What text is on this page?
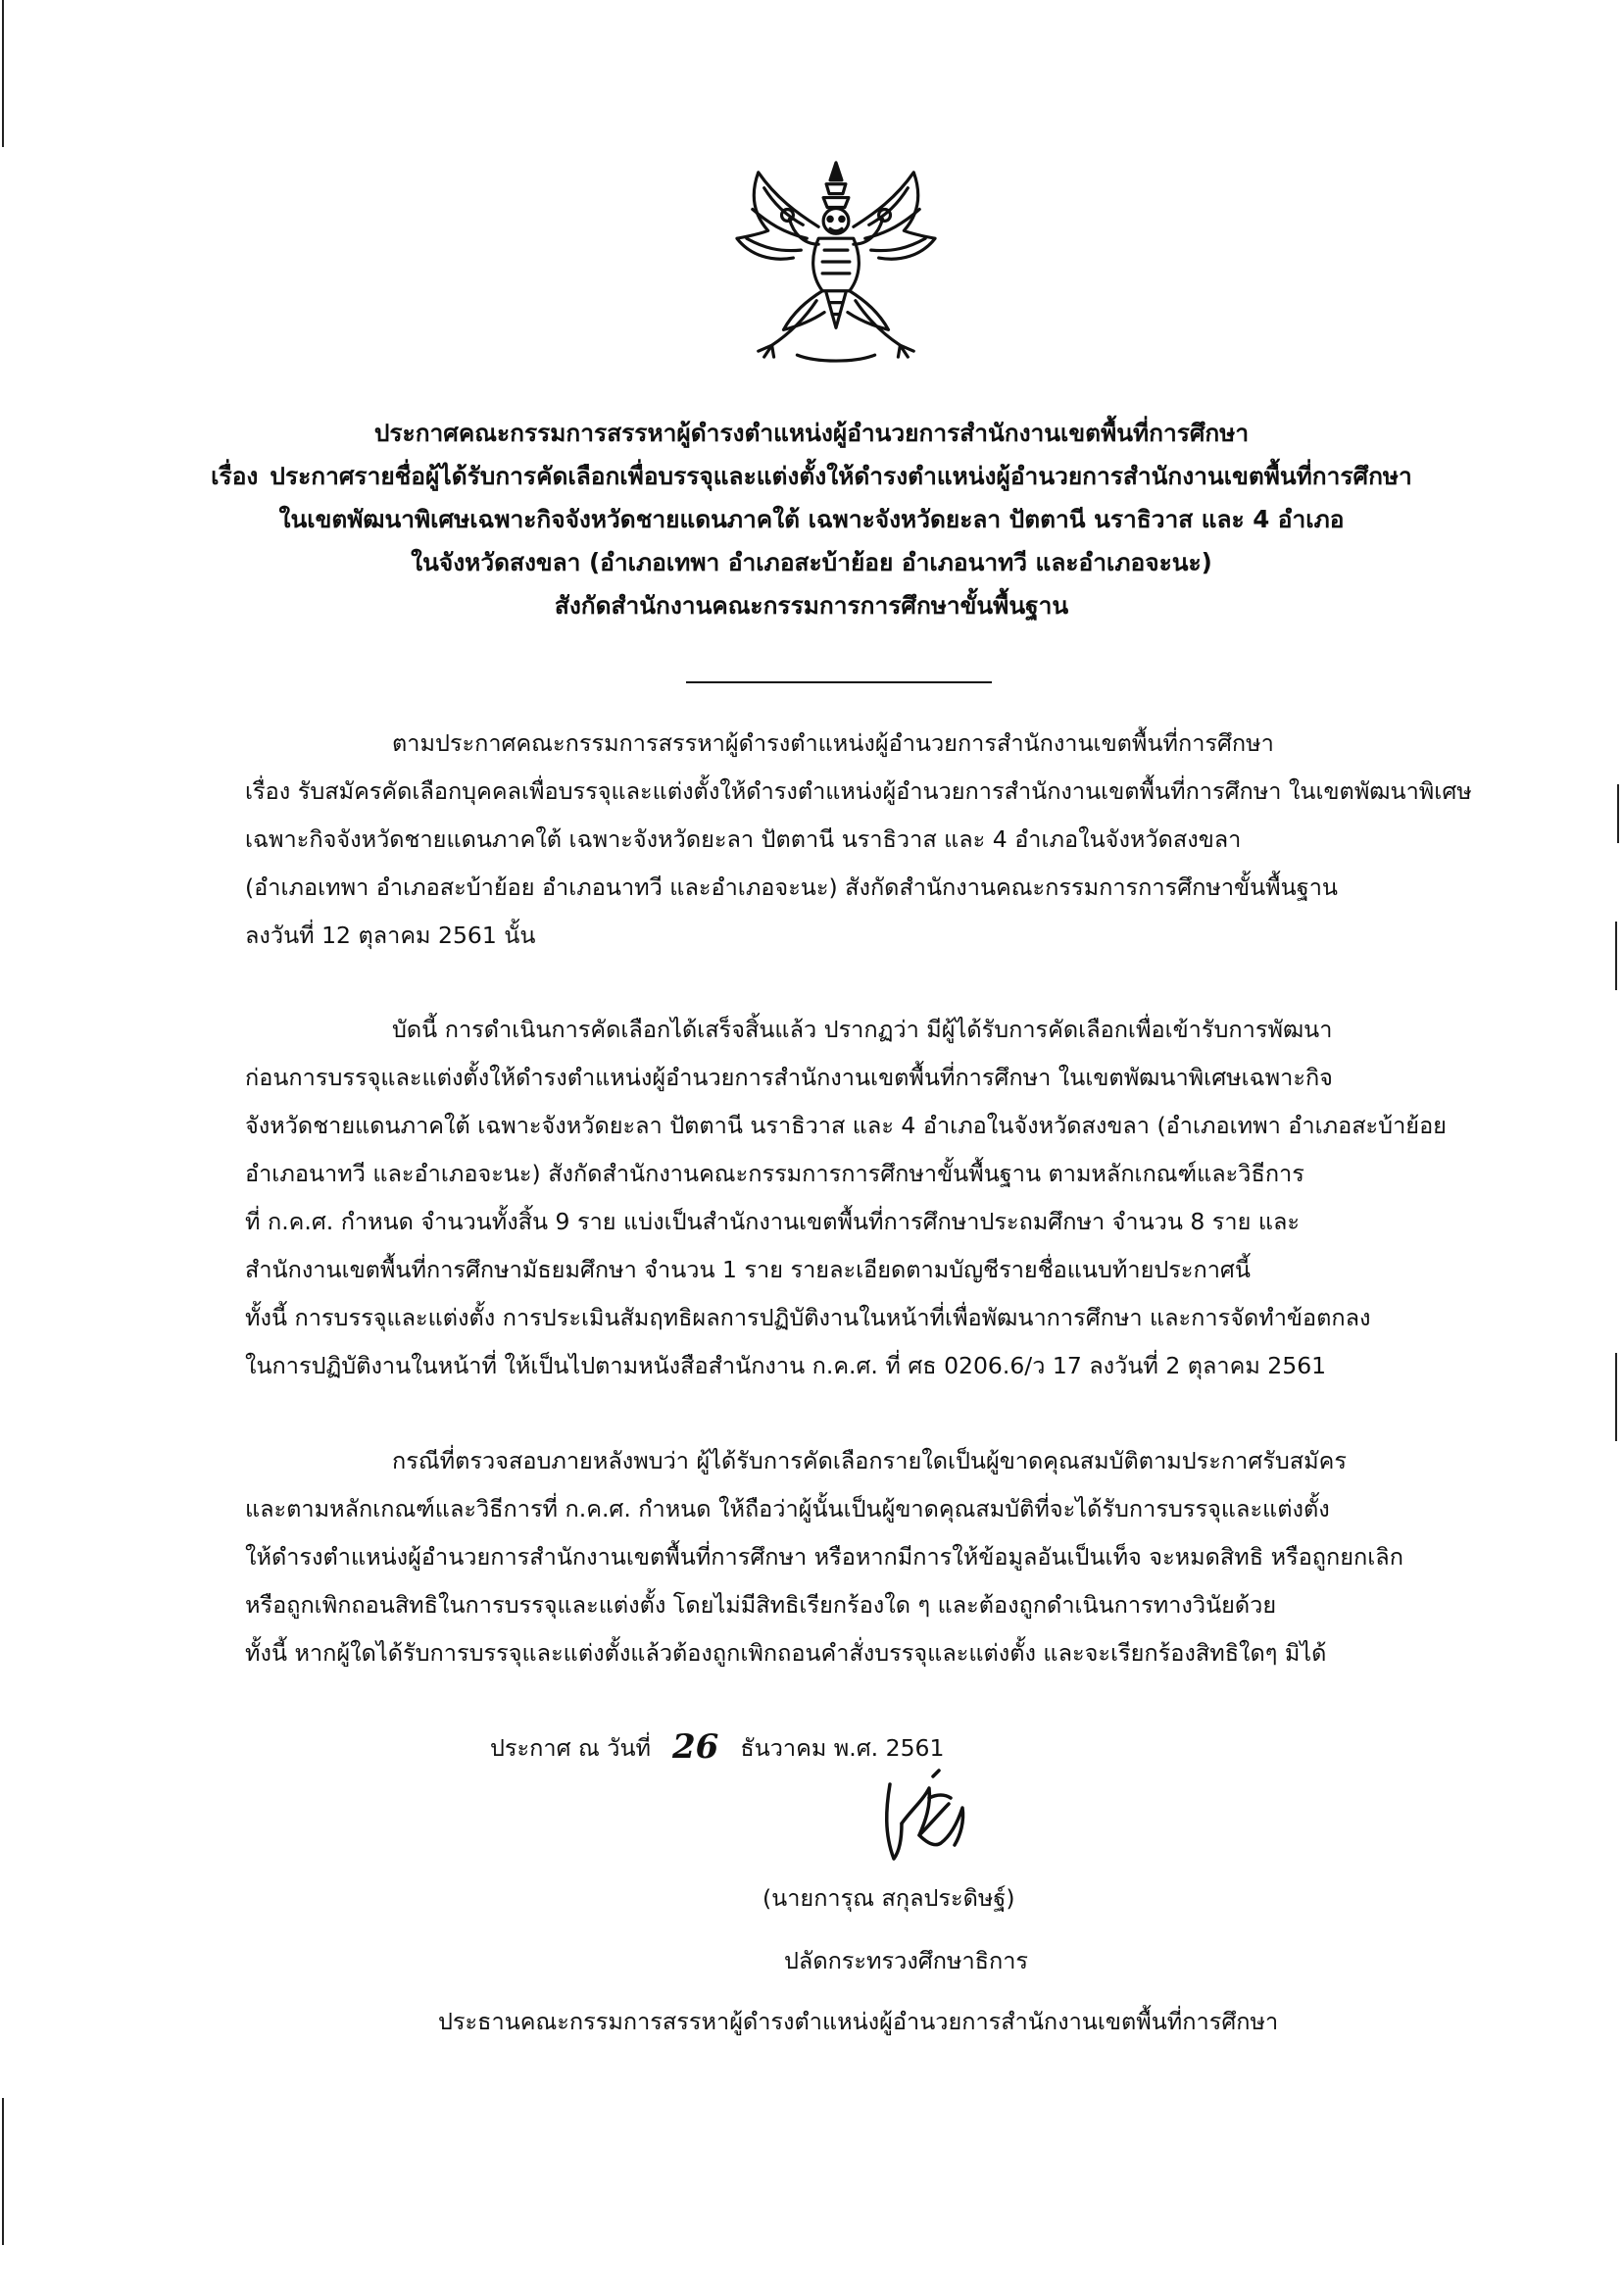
ประกาศคณะกรรมการสรรหาผู้ดำรงตำแหน่งผู้อำนวยการสำนักงานเขตพื้นที่การศึกษา
เรื่อง ประกาศรายชื่อผู้ได้รับการคัดเลือกเพื่อบรรจุและแต่งตั้งให้ดำรงตำแหน่งผู้อำนวยการสำนักงานเขตพื้นที่การศึกษา
ในเขตพัฒนาพิเศษเฉพาะกิจจังหวัดชายแดนภาคใต้ เฉพาะจังหวัดยะลา ปัตตานี นราธิวาส และ 4 อำเภอ
ในจังหวัดสงขลา (อำเภอเทพา อำเภอสะบ้าย้อย อำเภอนาทวี และอำเภอจะนะ)
สังกัดสำนักงานคณะกรรมการการศึกษาขั้นพื้นฐาน
ตามประกาศคณะกรรมการสรรหาผู้ดำรงตำแหน่งผู้อำนวยการสำนักงานเขตพื้นที่การศึกษา
เรื่อง รับสมัครคัดเลือกบุคคลเพื่อบรรจุและแต่งตั้งให้ดำรงตำแหน่งผู้อำนวยการสำนักงานเขตพื้นที่การศึกษา ในเขตพัฒนาพิเศษ
เฉพาะกิจจังหวัดชายแดนภาคใต้ เฉพาะจังหวัดยะลา ปัตตานี นราธิวาส และ 4 อำเภอในจังหวัดสงขลา
(อำเภอเทพา อำเภอสะบ้าย้อย อำเภอนาทวี และอำเภอจะนะ) สังกัดสำนักงานคณะกรรมการการศึกษาขั้นพื้นฐาน
ลงวันที่ 12 ตุลาคม 2561 นั้น
บัดนี้ การดำเนินการคัดเลือกได้เสร็จสิ้นแล้ว ปรากฏว่า มีผู้ได้รับการคัดเลือกเพื่อเข้ารับการพัฒนา
ก่อนการบรรจุและแต่งตั้งให้ดำรงตำแหน่งผู้อำนวยการสำนักงานเขตพื้นที่การศึกษา ในเขตพัฒนาพิเศษเฉพาะกิจ
จังหวัดชายแดนภาคใต้ เฉพาะจังหวัดยะลา ปัตตานี นราธิวาส และ 4 อำเภอในจังหวัดสงขลา (อำเภอเทพา อำเภอสะบ้าย้อย
อำเภอนาทวี และอำเภอจะนะ) สังกัดสำนักงานคณะกรรมการการศึกษาขั้นพื้นฐาน ตามหลักเกณฑ์และวิธีการ
ที่ ก.ค.ศ. กำหนด จำนวนทั้งสิ้น 9 ราย แบ่งเป็นสำนักงานเขตพื้นที่การศึกษาประถมศึกษา จำนวน 8 ราย และ
สำนักงานเขตพื้นที่การศึกษามัธยมศึกษา จำนวน 1 ราย รายละเอียดตามบัญชีรายชื่อแนบท้ายประกาศนี้
ทั้งนี้ การบรรจุและแต่งตั้ง การประเมินสัมฤทธิผลการปฏิบัติงานในหน้าที่เพื่อพัฒนาการศึกษา และการจัดทำข้อตกลง
ในการปฏิบัติงานในหน้าที่ ให้เป็นไปตามหนังสือสำนักงาน ก.ค.ศ. ที่ ศธ 0206.6/ว 17 ลงวันที่ 2 ตุลาคม 2561
กรณีที่ตรวจสอบภายหลังพบว่า ผู้ได้รับการคัดเลือกรายใดเป็นผู้ขาดคุณสมบัติตามประกาศรับสมัคร
และตามหลักเกณฑ์และวิธีการที่ ก.ค.ศ. กำหนด ให้ถือว่าผู้นั้นเป็นผู้ขาดคุณสมบัติที่จะได้รับการบรรจุและแต่งตั้ง
ให้ดำรงตำแหน่งผู้อำนวยการสำนักงานเขตพื้นที่การศึกษา หรือหากมีการให้ข้อมูลอันเป็นเท็จ จะหมดสิทธิ หรือถูกยกเลิก
หรือถูกเพิกถอนสิทธิในการบรรจุและแต่งตั้ง โดยไม่มีสิทธิเรียกร้องใด ๆ และต้องถูกดำเนินการทางวินัยด้วย
ทั้งนี้ หากผู้ใดได้รับการบรรจุและแต่งตั้งแล้วต้องถูกเพิกถอนคำสั่งบรรจุและแต่งตั้ง และจะเรียกร้องสิทธิใดๆ มิได้
ประกาศ ณ วันที่ 26 ธันวาคม พ.ศ. 2561
(นายการุณ สกุลประดิษฐ์)
ปลัดกระทรวงศึกษาธิการ
ประธานคณะกรรมการสรรหาผู้ดำรงตำแหน่งผู้อำนวยการสำนักงานเขตพื้นที่การศึกษา
